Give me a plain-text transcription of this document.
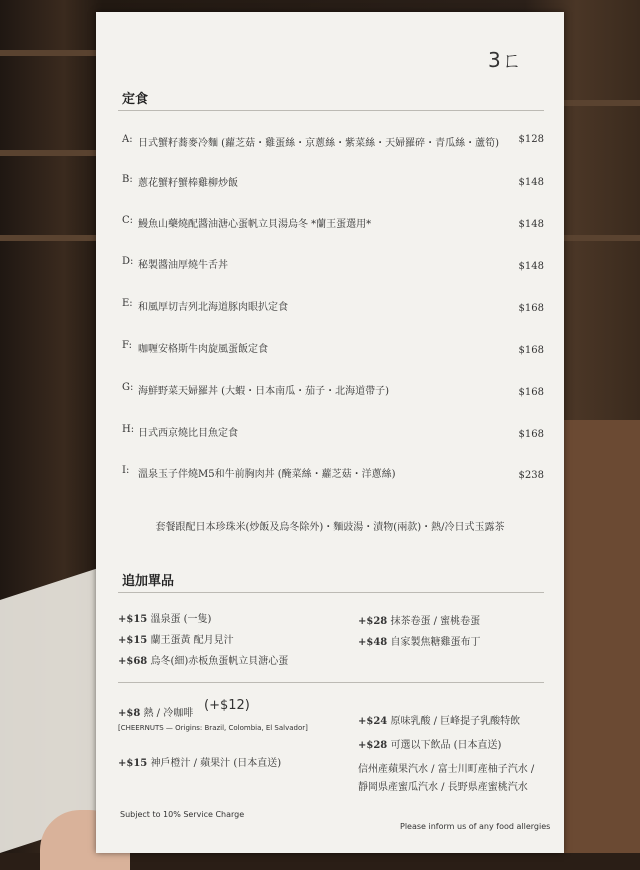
3ㄈ
定食
A: 日式蟹籽蕎麥冷麵 (蘿芝菇・雞蛋絲・京蔥絲・紫菜絲・天婦羅碎・青瓜絲・蘆筍) $128
B: 蔥花蟹籽蟹棒雞柳炒飯	$148
C: 鰻魚山藥燒配醬油溏心蛋帆立貝湯烏冬 *蘭王蛋選用*	$148
D: 秘製醬油厚燒牛舌丼	$148
E: 和風厚切吉列北海道豚肉眼扒定食	$168
F: 咖喱安格斯牛肉旋風蛋飯定食	$168
G: 海鮮野菜天婦羅丼 (大蝦・日本南瓜・茄子・北海道帶子)	$168
H: 日式西京燒比目魚定食	$168
I: 溫泉玉子伴燒M5和牛前胸肉丼 (醃菜絲・蘿芝菇・洋蔥絲)	$238
套餐跟配日本珍珠米(炒飯及烏冬除外)・麵豉湯・漬物(兩款)・熱/冷日式玉露茶
追加單品
+$15 溫泉蛋 (一隻)
+$15 蘭王蛋黃 配月見汁
+$68 烏冬(細)赤板魚蛋帆立貝溏心蛋
+$28 抹茶卷蛋 / 蜜桃卷蛋
+$48 自家製焦糖雞蛋布丁
+$8 熱 / 冷咖啡
(+$12)
[CHEERNUTS — Origins: Brazil, Colombia, El Salvador]
+$15 神戶橙汁 / 蘋果汁 (日本直送)
+$24 原味乳酸 / 巨峰提子乳酸特飲
+$28 可選以下飲品 (日本直送)
信州產蘋果汽水 / 富士川町產柚子汽水 /
靜岡県產蜜瓜汽水 / 長野県產蜜桃汽水
Subject to 10% Service Charge
Please inform us of any food allergies
